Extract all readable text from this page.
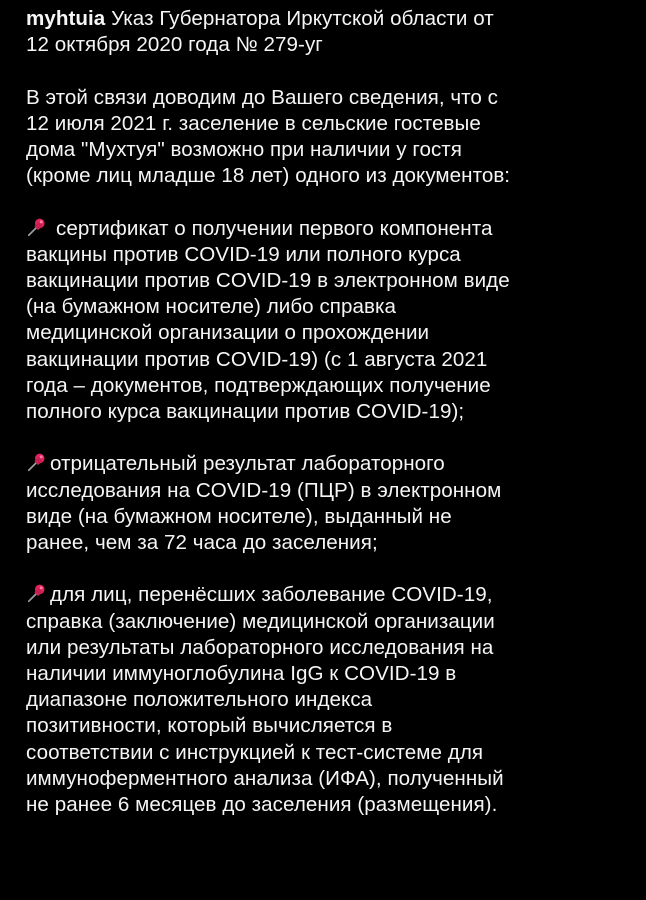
myhtuia Указ Губернатора Иркутской области от
12 октября 2020 года № 279-уг

В этой связи доводим до Вашего сведения, что с
12 июля 2021 г. заселение в сельские гостевые
дома "Мухтуя" возможно при наличии у гостя
(кроме лиц младше 18 лет) одного из документов:

сертификат о получении первого компонента
вакцины против COVID-19 или полного курса
вакцинации против COVID-19 в электронном виде
(на бумажном носителе) либо справка
медицинской организации о прохождении
вакцинации против COVID-19) (с 1 августа 2021
года – документов, подтверждающих получение
полного курса вакцинации против COVID-19);

отрицательный результат лабораторного
исследования на COVID-19 (ПЦР) в электронном
виде (на бумажном носителе), выданный не
ранее, чем за 72 часа до заселения;

для лиц, перенёсших заболевание COVID-19,
справка (заключение) медицинской организации
или результаты лабораторного исследования на
наличии иммуноглобулина IgG к COVID-19 в
диапазоне положительного индекса
позитивности, который вычисляется в
соответствии с инструкцией к тест-системе для
иммуноферментного анализа (ИФА), полученный
не ранее 6 месяцев до заселения (размещения).
